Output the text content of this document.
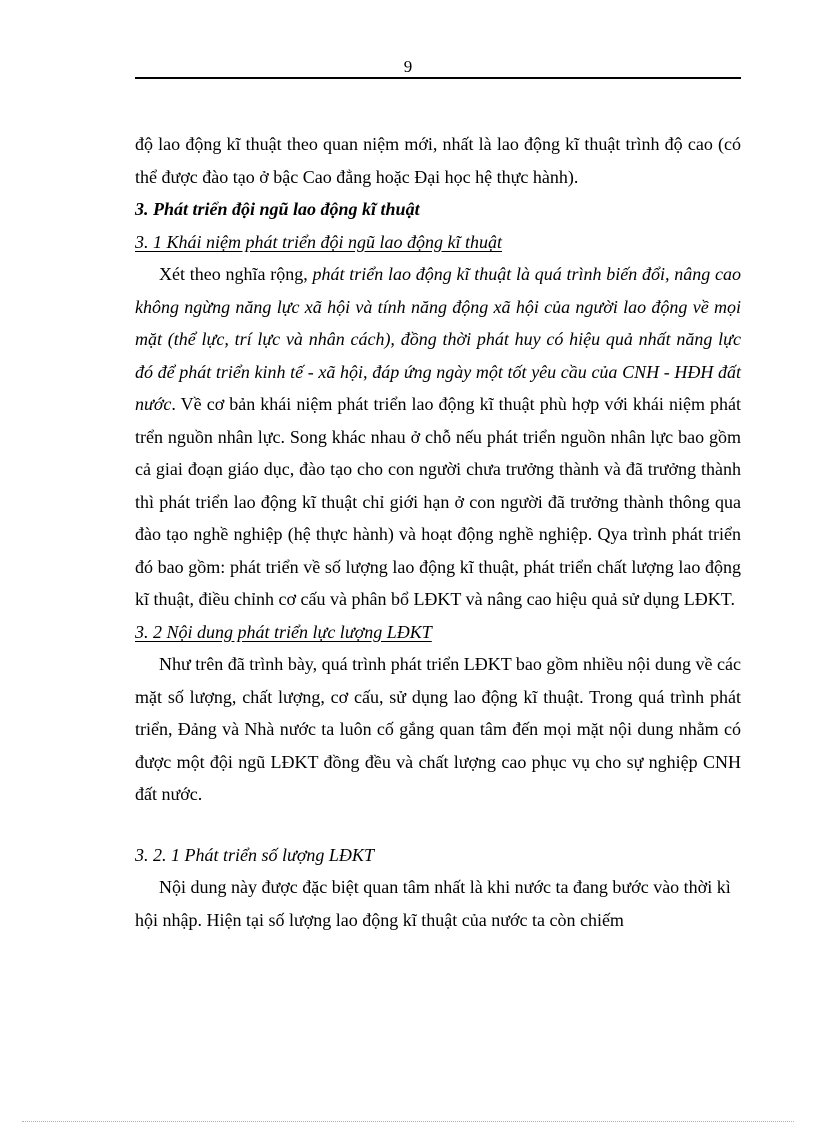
9

độ lao động kĩ thuật theo quan niệm mới, nhất là lao động kĩ thuật trình độ cao (có thể được đào tạo ở bậc Cao đẳng hoặc Đại học hệ thực hành).

3. Phát triển đội ngũ lao động kĩ thuật

3. 1 Khái niệm phát triển đội ngũ lao động kĩ thuật

Xét theo nghĩa rộng, phát triển lao động kĩ thuật là quá trình biến đổi, nâng cao không ngừng năng lực xã hội và tính năng động xã hội của người lao động về mọi mặt (thể lực, trí lực và nhân cách), đồng thời phát huy có hiệu quả nhất năng lực đó để phát triển kinh tế - xã hội, đáp ứng ngày một tốt yêu cầu của CNH - HĐH đất nước. Về cơ bản khái niệm phát triển lao động kĩ thuật phù hợp với khái niệm phát trển nguồn nhân lực. Song khác nhau ở chỗ nếu phát triển nguồn nhân lực bao gồm cả giai đoạn giáo dục, đào tạo cho con người chưa trưởng thành và đã trưởng thành thì phát triển lao động kĩ thuật chỉ giới hạn ở con người đã trưởng thành thông qua đào tạo nghề nghiệp (hệ thực hành) và hoạt động nghề nghiệp. Qya trình phát triển đó bao gồm: phát triển về số lượng lao động kĩ thuật, phát triển chất lượng lao động kĩ thuật, điều chỉnh cơ cấu và phân bổ LĐKT và nâng cao hiệu quả sử dụng LĐKT.

3. 2 Nội dung phát triển lực lượng LĐKT

Như trên đã trình bày, quá trình phát triển LĐKT bao gồm nhiều nội dung về các mặt số lượng, chất lượng, cơ cấu, sử dụng lao động kĩ thuật. Trong quá trình phát triển, Đảng và Nhà nước ta luôn cố gắng quan tâm đến mọi mặt nội dung nhằm có được một đội ngũ LĐKT đồng đều và chất lượng cao phục vụ cho sự nghiệp CNH đất nước.

3. 2. 1 Phát triển số lượng LĐKT

Nội dung này được đặc biệt quan tâm nhất là khi nước ta đang bước vào thời kì hội nhập. Hiện tại số lượng lao động kĩ thuật của nước ta còn chiếm
